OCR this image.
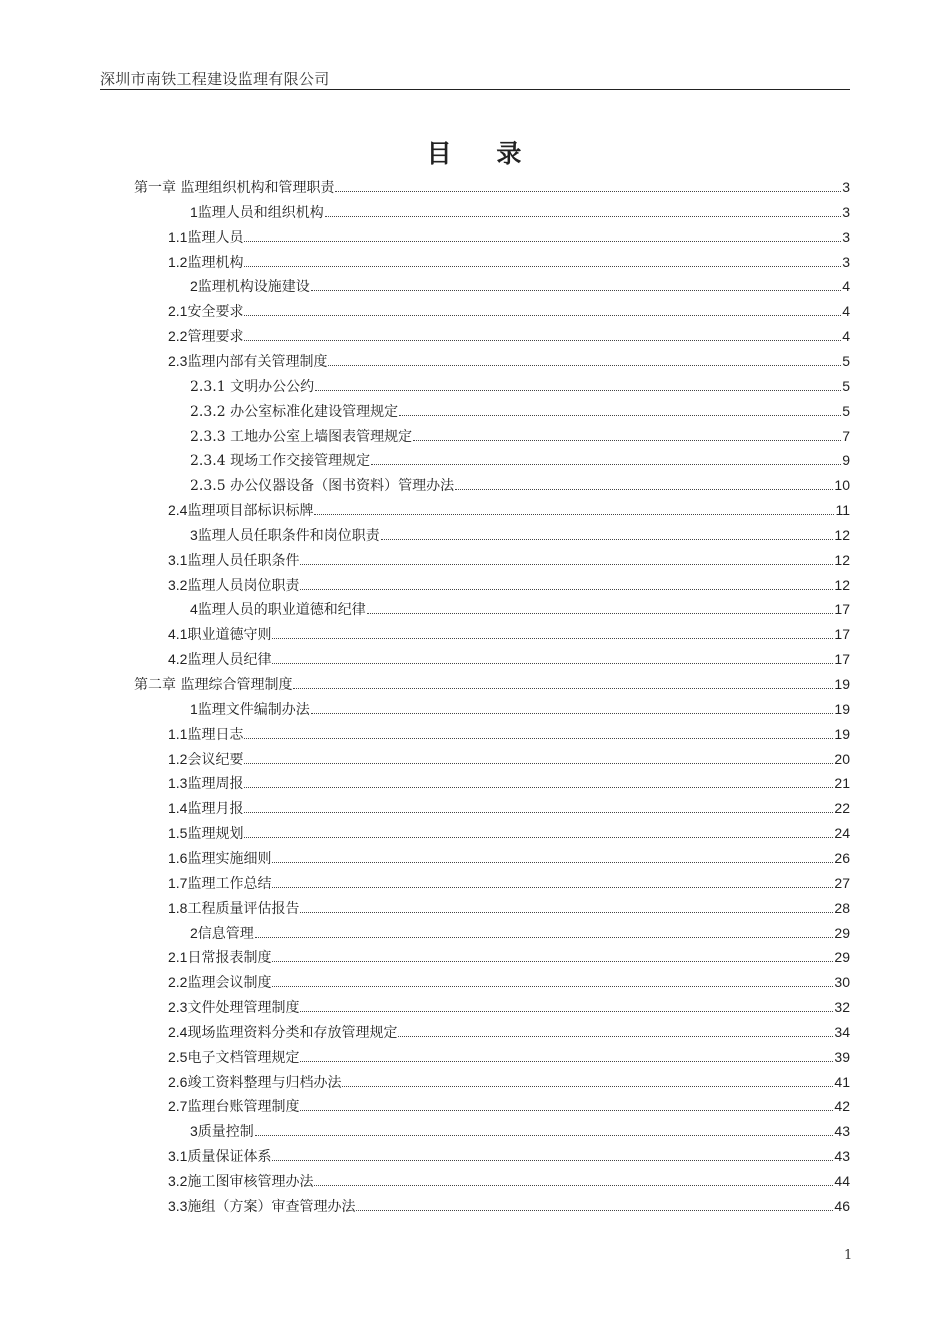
深圳市南铁工程建设监理有限公司
目    录
第一章 监理组织机构和管理职责	3
1 监理人员和组织机构	3
1.1 监理人员	3
1.2 监理机构	3
2 监理机构设施建设	4
2.1 安全要求	4
2.2 管理要求	4
2.3 监理内部有关管理制度	5
2.3.1 文明办公公约	5
2.3.2 办公室标准化建设管理规定	5
2.3.3 工地办公室上墙图表管理规定	7
2.3.4 现场工作交接管理规定	9
2.3.5 办公仪器设备（图书资料）管理办法	10
2.4 监理项目部标识标牌	11
3 监理人员任职条件和岗位职责	12
3.1 监理人员任职条件	12
3.2 监理人员岗位职责	12
4 监理人员的职业道德和纪律	17
4.1 职业道德守则	17
4.2 监理人员纪律	17
第二章 监理综合管理制度	19
1 监理文件编制办法	19
1.1 监理日志	19
1.2 会议纪要	20
1.3 监理周报	21
1.4 监理月报	22
1.5 监理规划	24
1.6 监理实施细则	26
1.7 监理工作总结	27
1.8 工程质量评估报告	28
2 信息管理	29
2.1 日常报表制度	29
2.2 监理会议制度	30
2.3 文件处理管理制度	32
2.4 现场监理资料分类和存放管理规定	34
2.5 电子文档管理规定	39
2.6 竣工资料整理与归档办法	41
2.7 监理台账管理制度	42
3 质量控制	43
3.1 质量保证体系	43
3.2 施工图审核管理办法	44
3.3 施组（方案）审查管理办法	46
1
